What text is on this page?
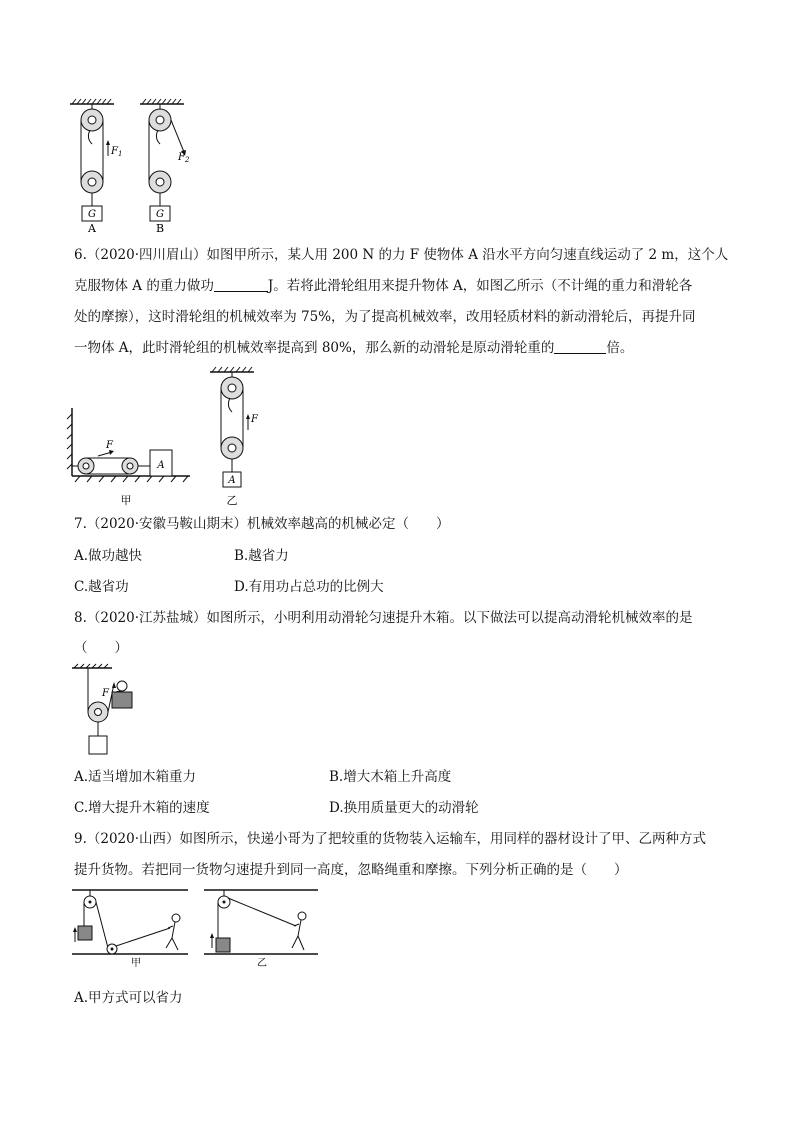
G
$F_1$
A
G
$F_2$
B
6.（2020·四川眉山）如图甲所示，某人用 200 N 的力 F 使物体 A 沿水平方向匀速直线运动了 2 m，这个人
克服物体 A 的重力做功	J。若将此滑轮组用来提升物体 A，如图乙所示（不计绳的重力和滑轮各
处的摩擦），这时滑轮组的机械效率为 75%，为了提高机械效率，改用轻质材料的新动滑轮后，再提升同
一物体 A，此时滑轮组的机械效率提高到 80%，那么新的动滑轮是原动滑轮重的	倍。
A
F
甲
F
A
乙
7.（2020·安徽马鞍山期末）机械效率越高的机械必定（　　）
A.做功越快	B.越省力
C.越省功	D.有用功占总功的比例大
8.（2020·江苏盐城）如图所示，小明利用动滑轮匀速提升木箱。以下做法可以提高动滑轮机械效率的是
（　　）
F
A.适当增加木箱重力	B.增大木箱上升高度
C.增大提升木箱的速度	D.换用质量更大的动滑轮
9.（2020·山西）如图所示，快递小哥为了把较重的货物装入运输车，用同样的器材设计了甲、乙两种方式
提升货物。若把同一货物匀速提升到同一高度，忽略绳重和摩擦。下列分析正确的是（　　）
甲	乙
A.甲方式可以省力
